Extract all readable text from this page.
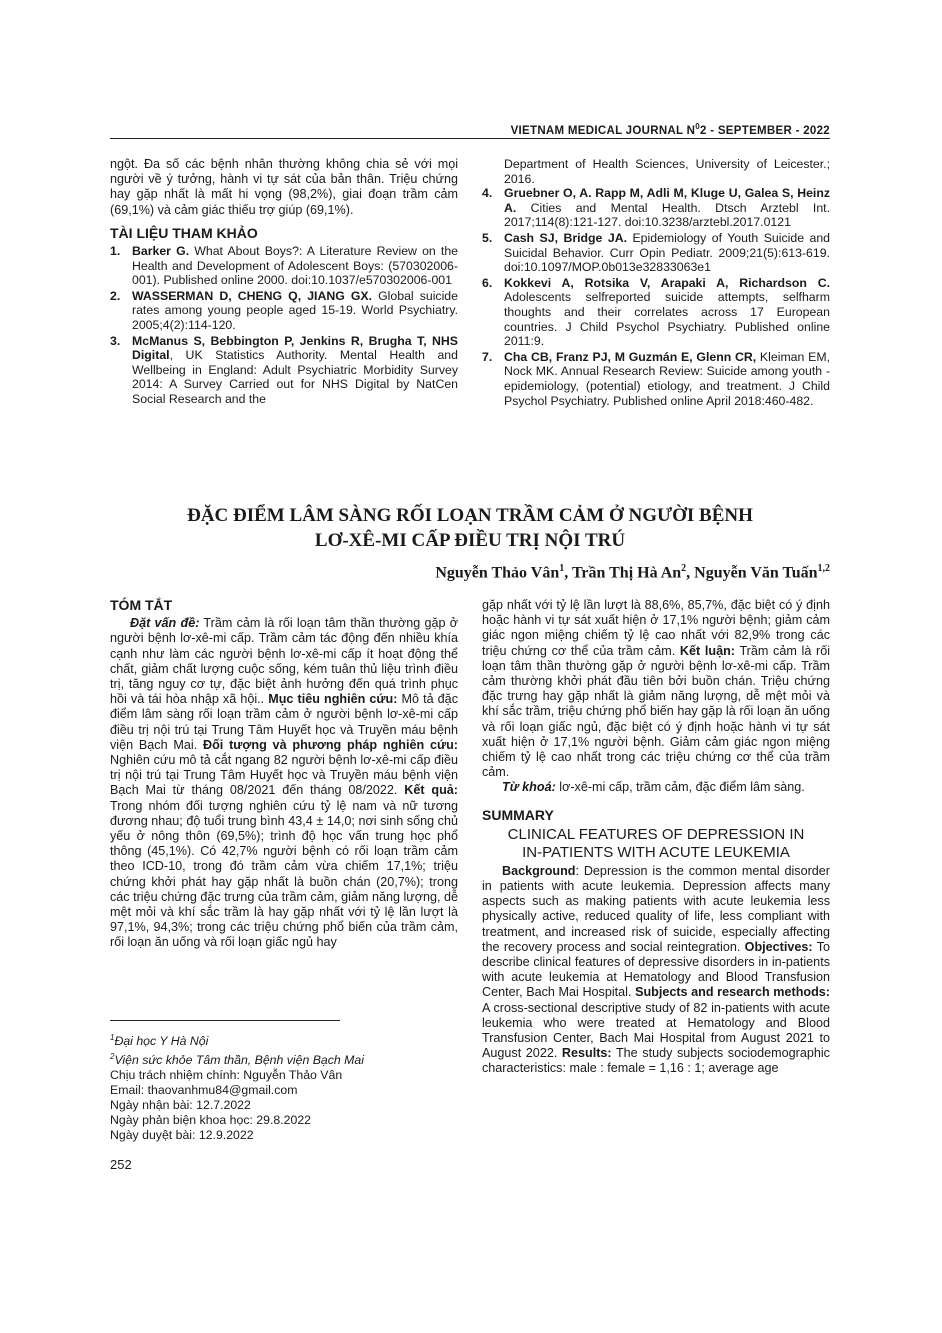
VIETNAM MEDICAL JOURNAL $N^02$ - SEPTEMBER - 2022

ngột. Đa số các bệnh nhân thường không chia sẻ với mọi người về ý tưởng, hành vi tự sát của bản thân. Triệu chứng hay gặp nhất là mất hi vọng (98,2%), giai đoạn trầm cảm (69,1%) và cảm giác thiếu trợ giúp (69,1%).

TÀI LIỆU THAM KHẢO
1. Barker G. What About Boys?: A Literature Review on the Health and Development of Adolescent Boys: (570302006-001). Published online 2000. doi:10.1037/e570302006-001
2. WASSERMAN D, CHENG Q, JIANG GX. Global suicide rates among young people aged 15-19. World Psychiatry. 2005;4(2):114-120.
3. McManus S, Bebbington P, Jenkins R, Brugha T, NHS Digital, UK Statistics Authority. Mental Health and Wellbeing in England: Adult Psychiatric Morbidity Survey 2014: A Survey Carried out for NHS Digital by NatCen Social Research and the
Department of Health Sciences, University of Leicester.; 2016.
4. Gruebner O, A. Rapp M, Adli M, Kluge U, Galea S, Heinz A. Cities and Mental Health. Dtsch Arztebl Int. 2017;114(8):121-127. doi:10.3238/arztebl.2017.0121
5. Cash SJ, Bridge JA. Epidemiology of Youth Suicide and Suicidal Behavior. Curr Opin Pediatr. 2009;21(5):613-619. doi:10.1097/MOP.0b013e32833063e1
6. Kokkevi A, Rotsika V, Arapaki A, Richardson C. Adolescents selfreported suicide attempts, selfharm thoughts and their correlates across 17 European countries. J Child Psychol Psychiatry. Published online 2011:9.
7. Cha CB, Franz PJ, M Guzmán E, Glenn CR, Kleiman EM, Nock MK. Annual Research Review: Suicide among youth - epidemiology, (potential) etiology, and treatment. J Child Psychol Psychiatry. Published online April 2018:460-482.
ĐẶC ĐIỂM LÂM SÀNG RỐI LOẠN TRẦM CẢM Ở NGƯỜI BỆNH
LƠ-XÊ-MI CẤP ĐIỀU TRỊ NỘI TRÚ
Nguyễn Thảo Vân$^1$, Trần Thị Hà An$^2$, Nguyễn Văn Tuấn$^{1,2}$
TÓM TẮT

Đặt vấn đề: Trầm cảm là rối loạn tâm thần thường gặp ở người bệnh lơ-xê-mi cấp. Trầm cảm tác động đến nhiều khía cạnh như làm các người bệnh lơ-xê-mi cấp ít hoạt động thể chất, giảm chất lượng cuộc sống, kém tuân thủ liệu trình điều trị, tăng nguy cơ tự, đặc biệt ảnh hưởng đến quá trình phục hồi và tái hòa nhập xã hội.. Mục tiêu nghiên cứu: Mô tả đặc điểm lâm sàng rối loạn trầm cảm ở người bệnh lơ-xê-mi cấp điều trị nội trú tại Trung Tâm Huyết học và Truyền máu bệnh viện Bạch Mai. Đối tượng và phương pháp nghiên cứu: Nghiên cứu mô tả cắt ngang 82 người bệnh lơ-xê-mi cấp điều trị nội trú tại Trung Tâm Huyết học và Truyền máu bệnh viện Bạch Mai từ tháng 08/2021 đến tháng 08/2022. Kết quả: Trong nhóm đối tượng nghiên cứu tỷ lệ nam và nữ tương đương nhau; độ tuổi trung bình 43,4 ± 14,0; nơi sinh sống chủ yếu ở nông thôn (69,5%); trình độ học vấn trung học phổ thông (45,1%). Có 42,7% người bệnh có rối loạn trầm cảm theo ICD-10, trong đó trầm cảm vừa chiếm 17,1%; triệu chứng khởi phát hay gặp nhất là buồn chán (20,7%); trong các triệu chứng đặc trưng của trầm cảm, giảm năng lượng, dễ mệt mỏi và khí sắc trầm là hay gặp nhất với tỷ lệ lần lượt là 97,1%, 94,3%; trong các triệu chứng phổ biến của trầm cảm, rối loạn ăn uống và rối loạn giấc ngủ hay

gặp nhất với tỷ lệ lần lượt là 88,6%, 85,7%, đặc biệt có ý định hoặc hành vi tự sát xuất hiện ở 17,1% người bệnh; giảm cảm giác ngon miệng chiếm tỷ lệ cao nhất với 82,9% trong các triệu chứng cơ thể của trầm cảm. Kết luận: Trầm cảm là rối loạn tâm thần thường gặp ở người bệnh lơ-xê-mi cấp. Trầm cảm thường khởi phát đầu tiên bởi buồn chán. Triệu chứng đặc trưng hay gặp nhất là giảm năng lượng, dễ mệt mỏi và khí sắc trầm, triệu chứng phổ biến hay gặp là rối loạn ăn uống và rối loạn giấc ngủ, đặc biệt có ý định hoặc hành vi tự sát xuất hiện ở 17,1% người bệnh. Giảm cảm giác ngon miệng chiếm tỷ lệ cao nhất trong các triệu chứng cơ thể của trầm cảm.

Từ khoá: lơ-xê-mi cấp, trầm cảm, đặc điểm lâm sàng.

SUMMARY
CLINICAL FEATURES OF DEPRESSION IN
IN-PATIENTS WITH ACUTE LEUKEMIA

Background: Depression is the common mental disorder in patients with acute leukemia. Depression affects many aspects such as making patients with acute leukemia less physically active, reduced quality of life, less compliant with treatment, and increased risk of suicide, especially affecting the recovery process and social reintegration. Objectives: To describe clinical features of depressive disorders in in-patients with acute leukemia at Hematology and Blood Transfusion Center, Bach Mai Hospital. Subjects and research methods: A cross-sectional descriptive study of 82 in-patients with acute leukemia who were treated at Hematology and Blood Transfusion Center, Bach Mai Hospital from August 2021 to August 2022. Results: The study subjects sociodemographic characteristics: male : female = 1,16 : 1; average age

$^1$Đại học Y Hà Nội
$^2$Viện sức khỏe Tâm thần, Bệnh viện Bạch Mai
Chịu trách nhiệm chính: Nguyễn Thảo Vân
Email: thaovanhmu84@gmail.com
Ngày nhận bài: 12.7.2022
Ngày phản biện khoa học: 29.8.2022
Ngày duyệt bài: 12.9.2022
252
